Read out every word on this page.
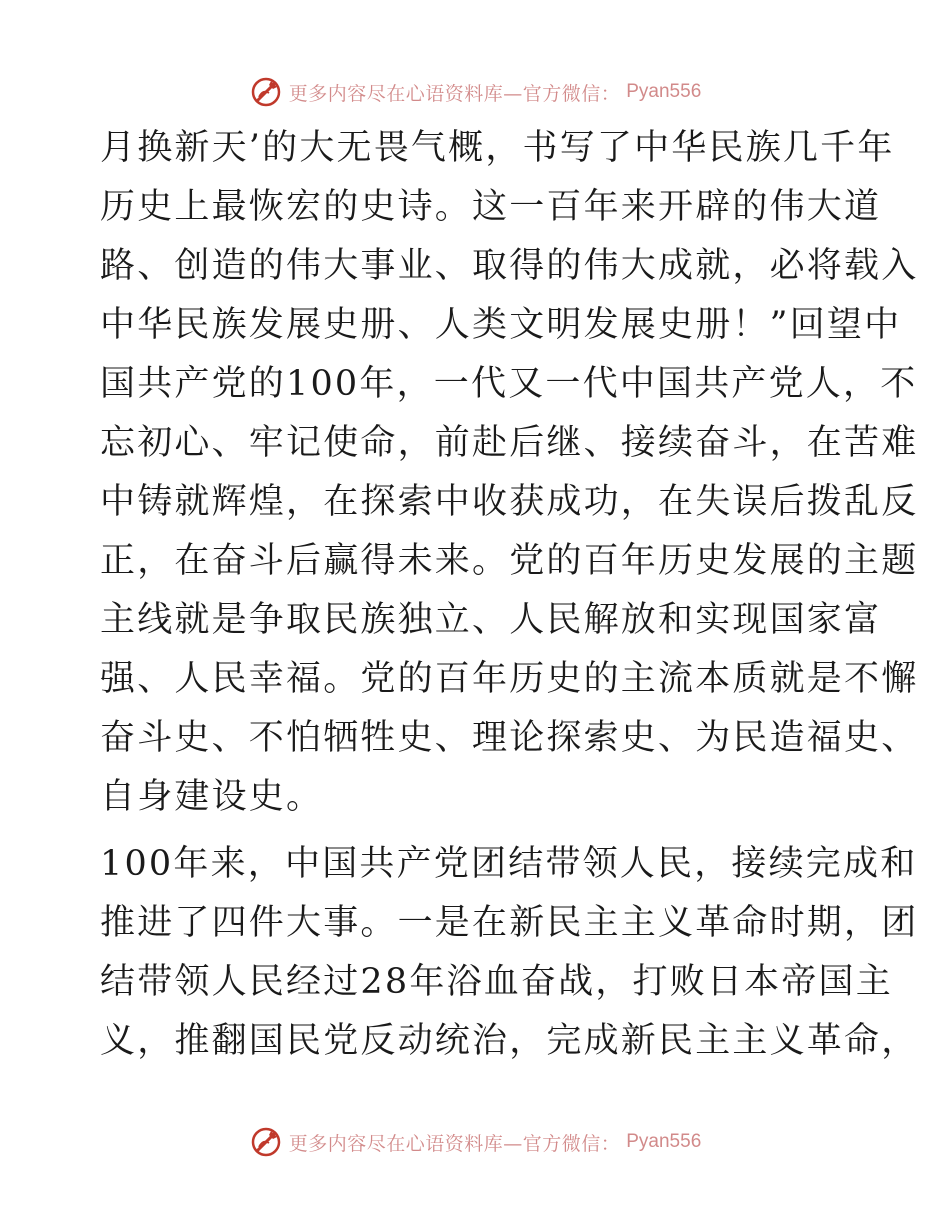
更多内容尽在心语资料库—官方微信： Pyan556
月换新天’的大无畏气概，书写了中华民族几千年
历史上最恢宏的史诗。这一百年来开辟的伟大道
路、创造的伟大事业、取得的伟大成就，必将载入
中华民族发展史册、人类文明发展史册！”回望中
国共产党的100年，一代又一代中国共产党人，不
忘初心、牢记使命，前赴后继、接续奋斗，在苦难
中铸就辉煌，在探索中收获成功，在失误后拨乱反
正，在奋斗后赢得未来。党的百年历史发展的主题
主线就是争取民族独立、人民解放和实现国家富
强、人民幸福。党的百年历史的主流本质就是不懈
奋斗史、不怕牺牲史、理论探索史、为民造福史、
自身建设史。
100年来，中国共产党团结带领人民，接续完成和
推进了四件大事。一是在新民主主义革命时期，团
结带领人民经过28年浴血奋战，打败日本帝国主
义，推翻国民党反动统治，完成新民主主义革命，
更多内容尽在心语资料库—官方微信： Pyan556
